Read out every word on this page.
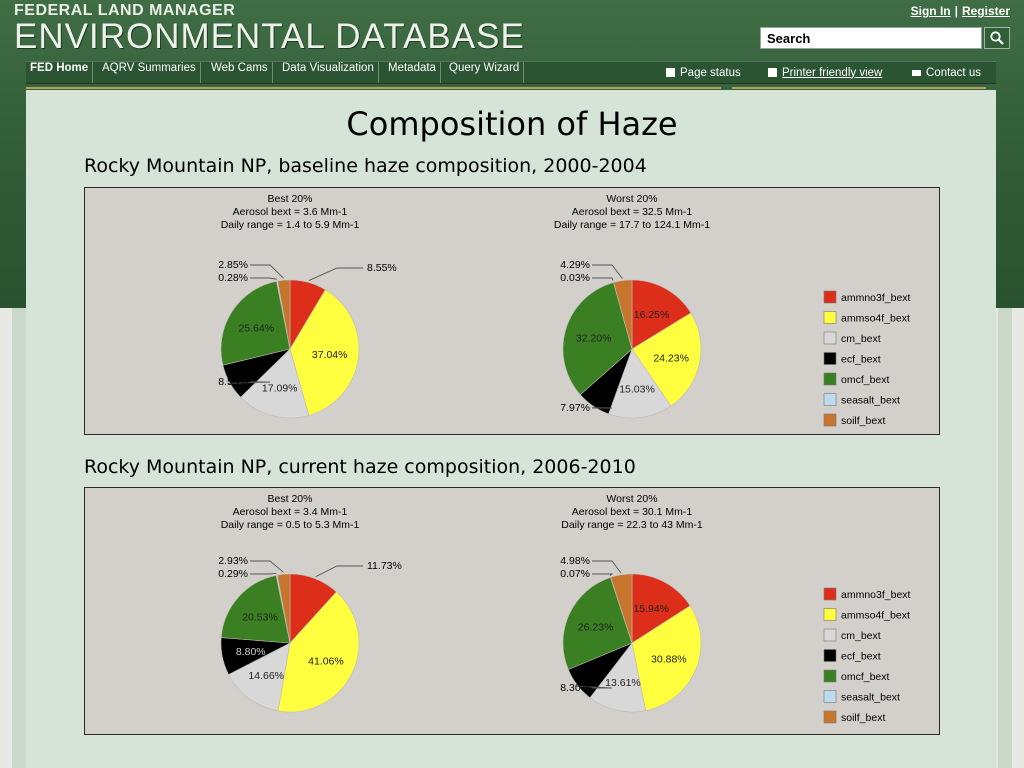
FEDERAL LAND MANAGER
ENVIRONMENTAL DATABASE
Sign In | Register
Search
FED Home	AQRV Summaries	Web Cams	Data Visualization	Metadata	Query Wizard	Page status	Printer friendly view	Contact us
Composition of Haze
Rocky Mountain NP, baseline haze composition, 2000-2004
Rocky Mountain NP, current haze composition, 2006-2010
Best 20%
Aerosol bext = 3.6 Mm-1
Daily range = 1.4 to 5.9 Mm-1
8.55%
37.04%
17.09%
8.55%
25.64%
0.28%
2.85%
Worst 20%
Aerosol bext = 32.5 Mm-1
Daily range = 17.7 to 124.1 Mm-1
16.25%
24.23%
15.03%
7.97%
32.20%
0.03%
4.29%
ammno3f_bext
ammso4f_bext
cm_bext
ecf_bext
omcf_bext
seasalt_bext
soilf_bext
Best 20%
Aerosol bext = 3.4 Mm-1
Daily range = 0.5 to 5.3 Mm-1
11.73%
41.06%
14.66%
8.80%
20.53%
0.29%
2.93%
Worst 20%
Aerosol bext = 30.1 Mm-1
Daily range = 22.3 to 43 Mm-1
15.94%
30.88%
13.61%
8.30%
26.23%
0.07%
4.98%
ammno3f_bext
ammso4f_bext
cm_bext
ecf_bext
omcf_bext
seasalt_bext
soilf_bext
